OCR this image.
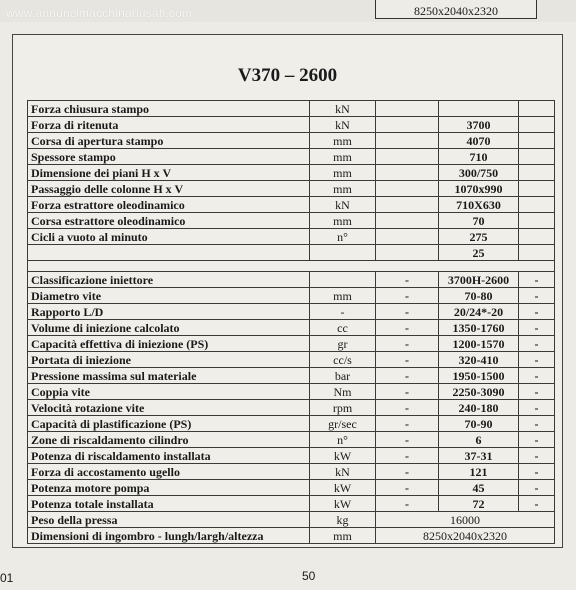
8250x2040x2320
www.annuncimacchinariusati.com
V370 – 2600
Forza chiusura stampo	kN			
Forza di ritenuta	kN		3700	
Corsa di apertura stampo	mm		4070	
Spessore stampo	mm		710	
Dimensione dei piani H x V	mm		300/750	
Passaggio delle colonne H x V	mm		1070x990	
Forza estrattore oleodinamico	kN		710X630	
Corsa estrattore oleodinamico	mm		70	
Cicli a vuoto al minuto	n°		275	
			25	

Classificazione iniettore		-	3700H-2600	-
Diametro vite	mm	-	70-80	-
Rapporto L/D	-	-	20/24*-20	-
Volume di iniezione calcolato	cc	-	1350-1760	-
Capacità effettiva di iniezione (PS)	gr	-	1200-1570	-
Portata di iniezione	cc/s	-	320-410	-
Pressione massima sul materiale	bar	-	1950-1500	-
Coppia vite	Nm	-	2250-3090	-
Velocità rotazione vite	rpm	-	240-180	-
Capacità di plastificazione (PS)	gr/sec	-	70-90	-
Zone di riscaldamento cilindro	n°	-	6	-
Potenza di riscaldamento installata	kW	-	37-31	-
Forza di accostamento ugello	kN	-	121	-
Potenza motore pompa	kW	-	45	-
Potenza totale installata	kW	-	72	-
Peso della pressa	kg	16000		
Dimensioni di ingombro - lungh/largh/altezza	mm	8250x2040x2320		
01	50
